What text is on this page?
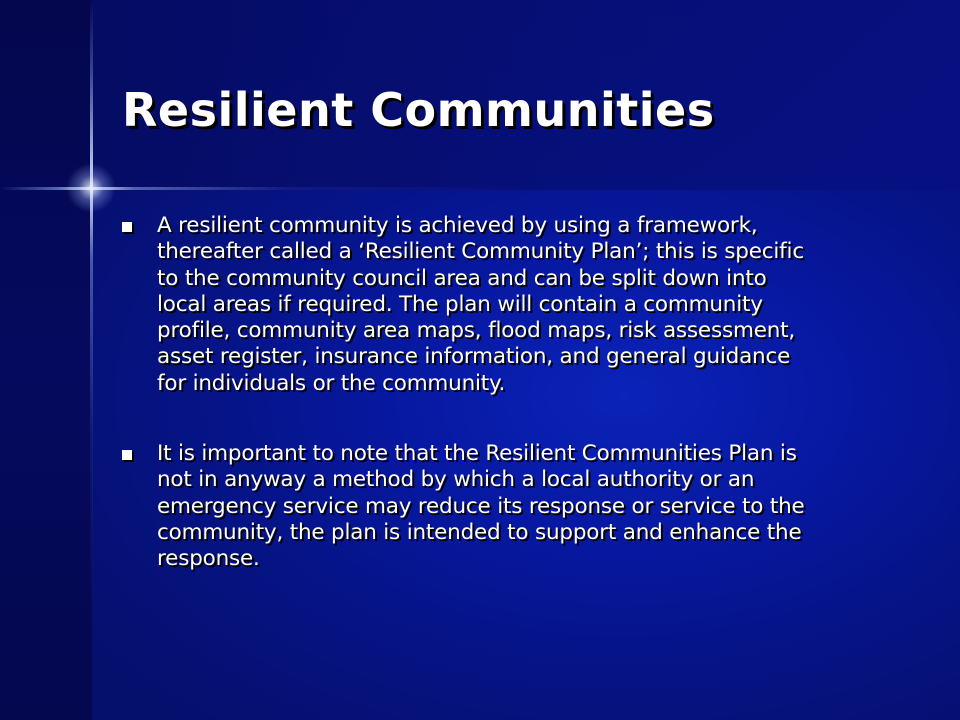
Resilient Communities
A resilient community is achieved by using a framework,
thereafter called a ‘Resilient Community Plan’; this is specific
to the community council area and can be split down into
local areas if required. The plan will contain a community
profile, community area maps, flood maps, risk assessment,
asset register, insurance information, and general guidance
for individuals or the community.
It is important to note that the Resilient Communities Plan is
not in anyway a method by which a local authority or an
emergency service may reduce its response or service to the
community, the plan is intended to support and enhance the
response.
